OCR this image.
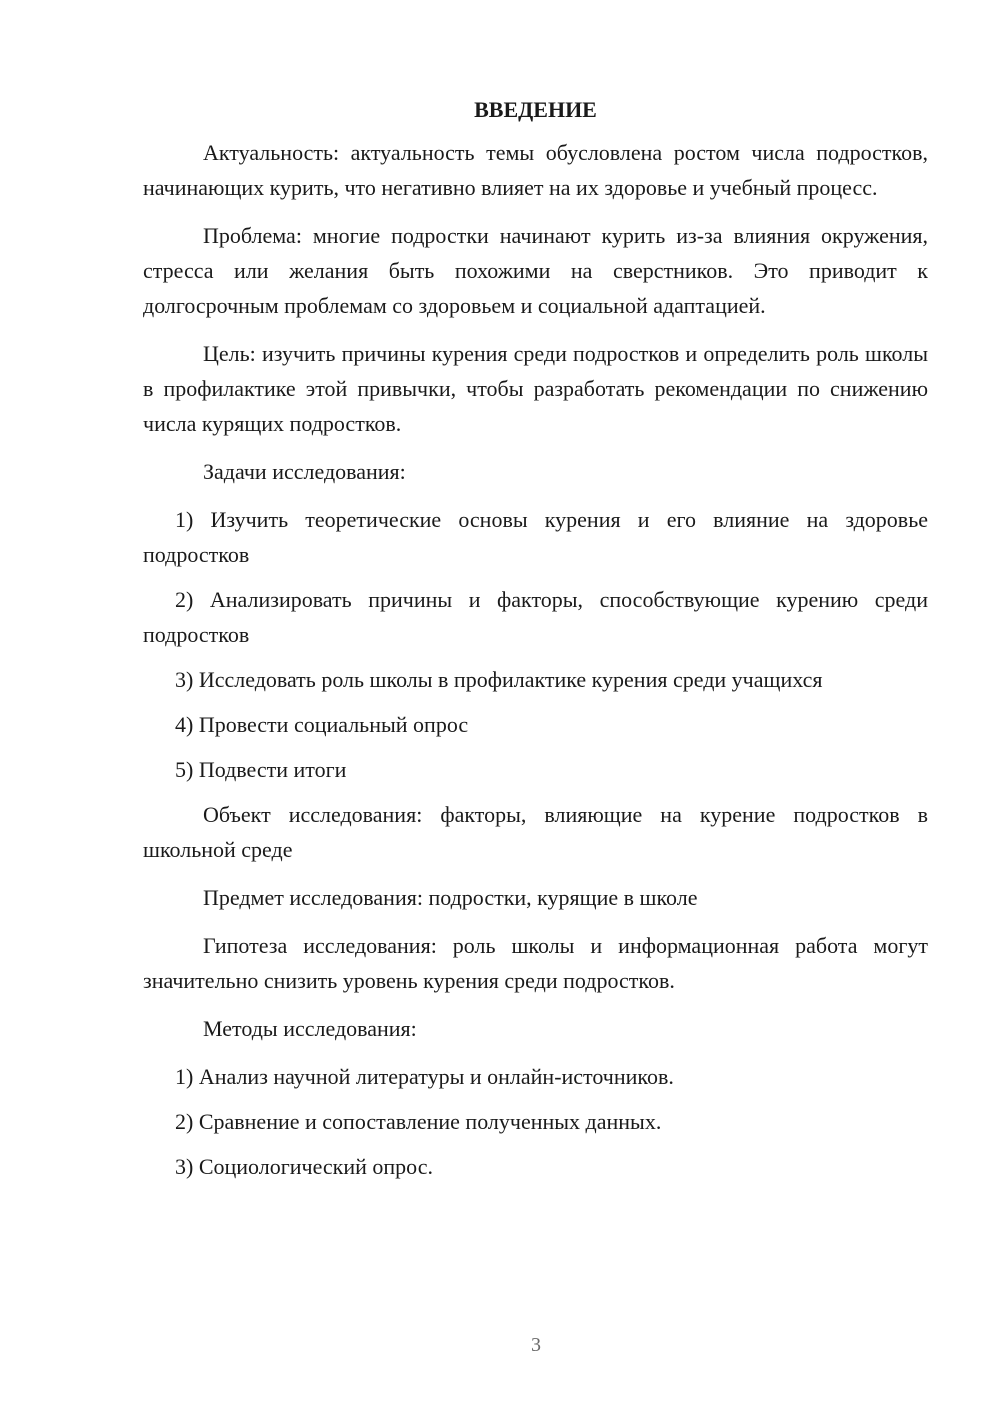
ВВЕДЕНИЕ

Актуальность: актуальность темы обусловлена ростом числа подростков, начинающих курить, что негативно влияет на их здоровье и учебный процесс.

Проблема: многие подростки начинают курить из-за влияния окружения, стресса или желания быть похожими на сверстников. Это приводит к долгосрочным проблемам со здоровьем и социальной адаптацией.

Цель: изучить причины курения среди подростков и определить роль школы в профилактике этой привычки, чтобы разработать рекомендации по снижению числа курящих подростков.

Задачи исследования:

1) Изучить теоретические основы курения и его влияние на здоровье подростков

2) Анализировать причины и факторы, способствующие курению среди подростков

3) Исследовать роль школы в профилактике курения среди учащихся

4) Провести социальный опрос

5) Подвести итоги

Объект исследования: факторы, влияющие на курение подростков в школьной среде

Предмет исследования: подростки, курящие в школе

Гипотеза исследования: роль школы и информационная работа могут значительно снизить уровень курения среди подростков.

Методы исследования:

1) Анализ научной литературы и онлайн-источников.

2) Сравнение и сопоставление полученных данных.

3) Социологический опрос.

3
